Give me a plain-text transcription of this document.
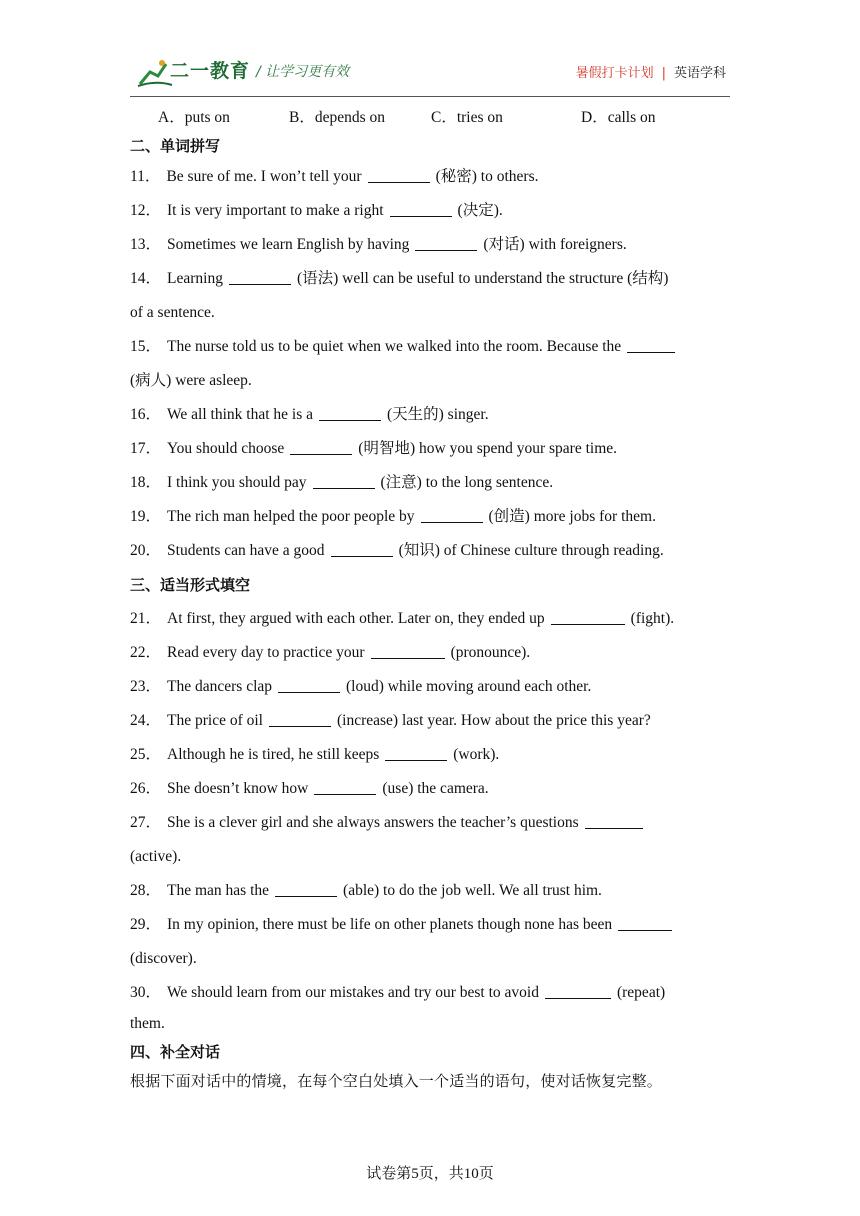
二一教育 / 让学习更有效	暑假打卡计划 | 英语学科
A．puts on	B．depends on	C．tries on	D．calls on
二、单词拼写
11． Be sure of me. I won’t tell your	(秘密) to others.
12． It is very important to make a right	(决定).
13． Sometimes we learn English by having	(对话) with foreigners.
14． Learning	(语法) well can be useful to understand the structure (结构)
of a sentence.
15． The nurse told us to be quiet when we walked into the room. Because the
(病人) were asleep.
16． We all think that he is a	(天生的) singer.
17． You should choose	(明智地) how you spend your spare time.
18． I think you should pay	(注意) to the long sentence.
19． The rich man helped the poor people by	(创造) more jobs for them.
20． Students can have a good	(知识) of Chinese culture through reading.
三、适当形式填空
21． At first, they argued with each other. Later on, they ended up	(fight).
22． Read every day to practice your	(pronounce).
23． The dancers clap	(loud) while moving around each other.
24． The price of oil	(increase) last year. How about the price this year?
25． Although he is tired, he still keeps	(work).
26． She doesn’t know how	(use) the camera.
27． She is a clever girl and she always answers the teacher’s questions
(active).
28． The man has the	(able) to do the job well. We all trust him.
29． In my opinion, there must be life on other planets though none has been
(discover).
30． We should learn from our mistakes and try our best to avoid	(repeat)
them.
四、补全对话
根据下面对话中的情境，在每个空白处填入一个适当的语句，使对话恢复完整。
试卷第5页，共10页
